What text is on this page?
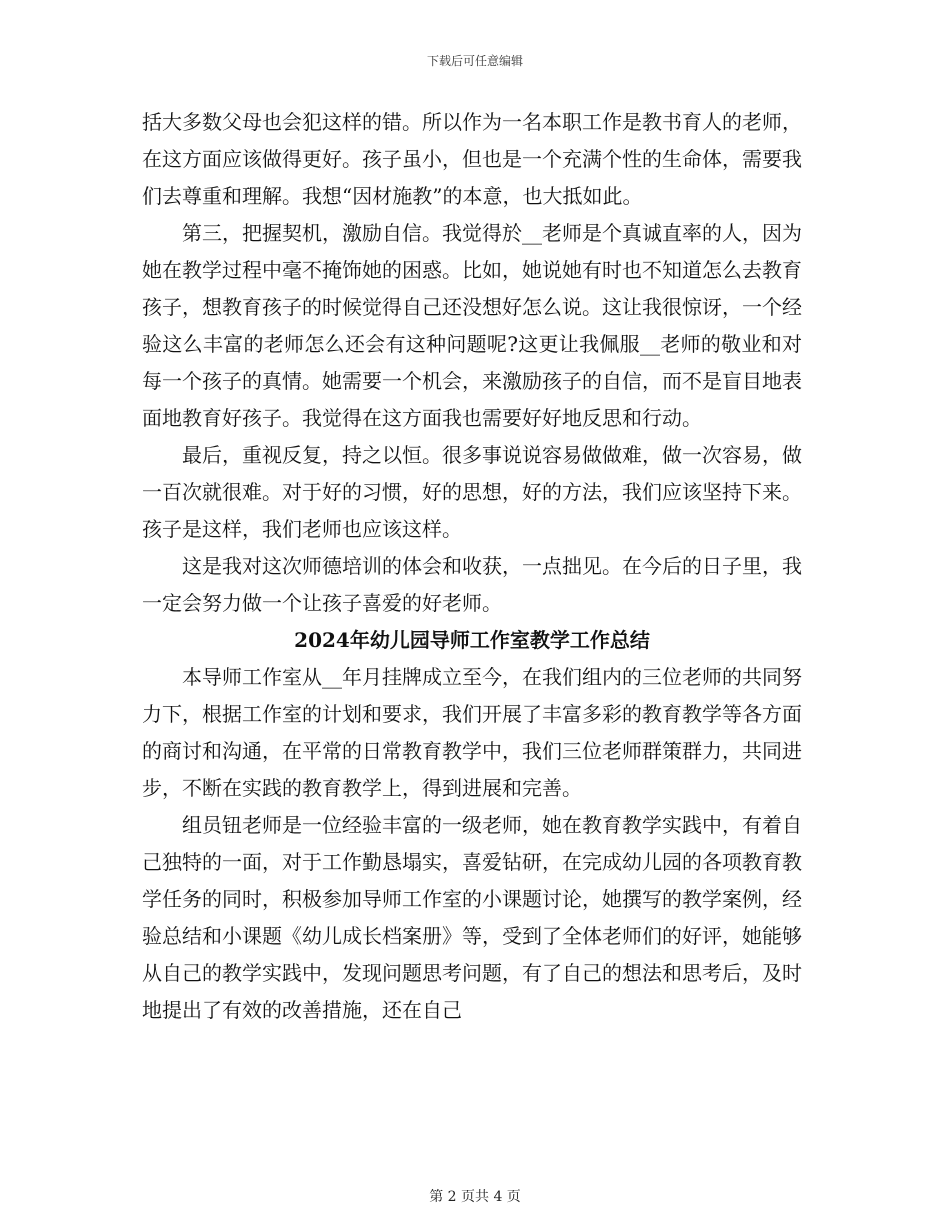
下载后可任意编辑

括大多数父母也会犯这样的错。所以作为一名本职工作是教书育人的老师，在这方面应该做得更好。孩子虽小，但也是一个充满个性的生命体，需要我们去尊重和理解。我想“因材施教”的本意，也大抵如此。

第三，把握契机，激励自信。我觉得於__老师是个真诚直率的人，因为她在教学过程中毫不掩饰她的困惑。比如，她说她有时也不知道怎么去教育孩子，想教育孩子的时候觉得自己还没想好怎么说。这让我很惊讶，一个经验这么丰富的老师怎么还会有这种问题呢?这更让我佩服__老师的敬业和对每一个孩子的真情。她需要一个机会，来激励孩子的自信，而不是盲目地表面地教育好孩子。我觉得在这方面我也需要好好地反思和行动。

最后，重视反复，持之以恒。很多事说说容易做做难，做一次容易，做一百次就很难。对于好的习惯，好的思想，好的方法，我们应该坚持下来。孩子是这样，我们老师也应该这样。

这是我对这次师德培训的体会和收获，一点拙见。在今后的日子里，我一定会努力做一个让孩子喜爱的好老师。

2024年幼儿园导师工作室教学工作总结

本导师工作室从__年月挂牌成立至今，在我们组内的三位老师的共同努力下，根据工作室的计划和要求，我们开展了丰富多彩的教育教学等各方面的商讨和沟通，在平常的日常教育教学中，我们三位老师群策群力，共同进步，不断在实践的教育教学上，得到进展和完善。

组员钮老师是一位经验丰富的一级老师，她在教育教学实践中，有着自己独特的一面，对于工作勤恳塌实，喜爱钻研，在完成幼儿园的各项教育教学任务的同时，积极参加导师工作室的小课题讨论，她撰写的教学案例，经验总结和小课题《幼儿成长档案册》等，受到了全体老师们的好评，她能够从自己的教学实践中，发现问题思考问题，有了自己的想法和思考后，及时地提出了有效的改善措施，还在自己

第 2 页共 4 页
